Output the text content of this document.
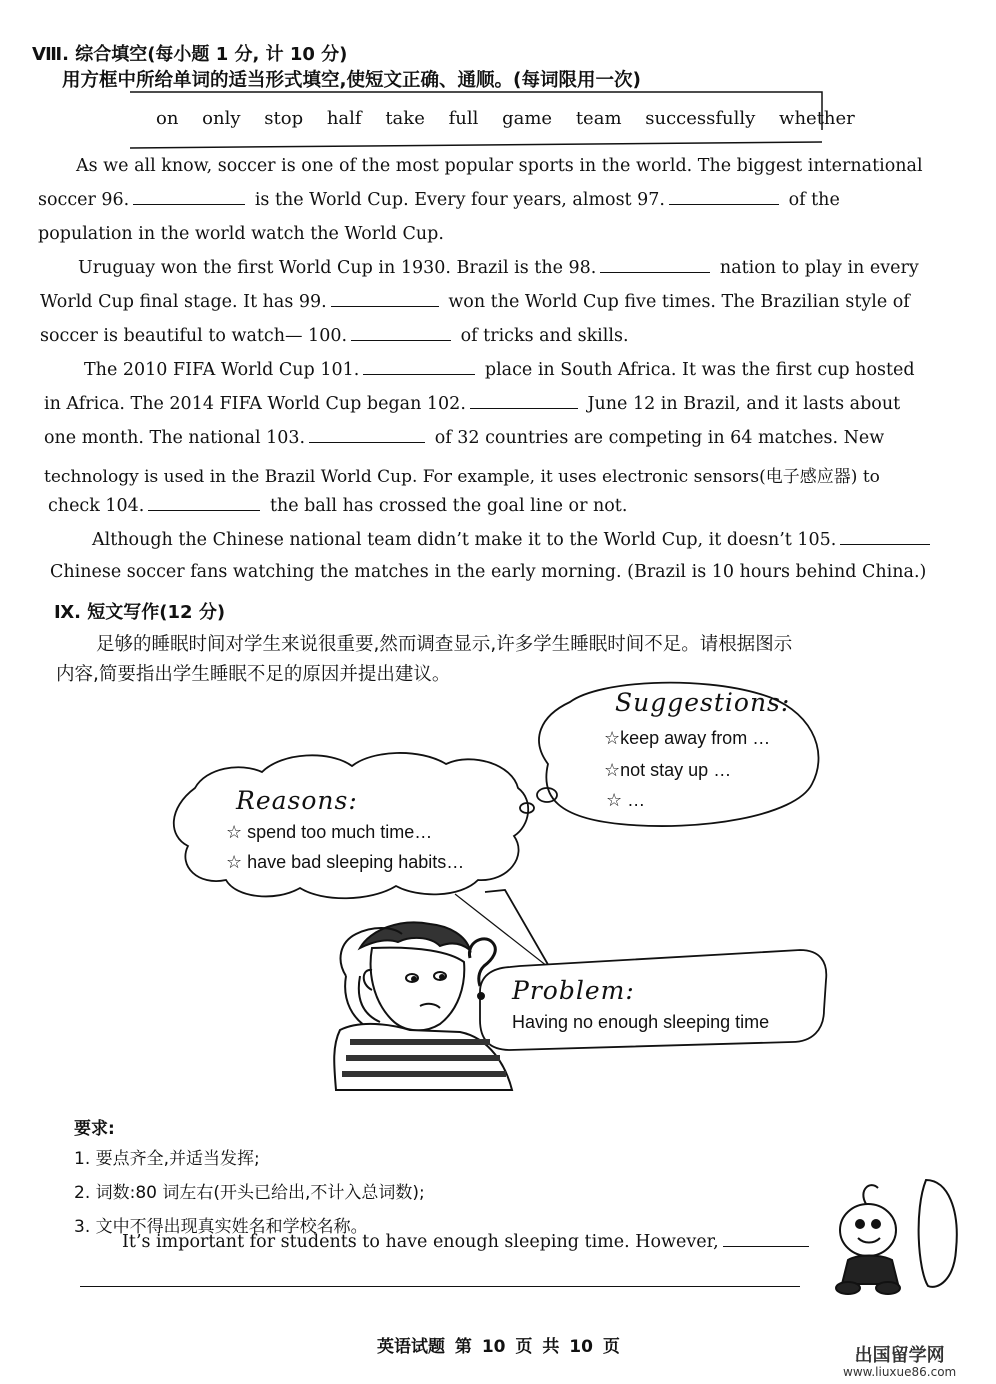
Ⅷ. 综合填空(每小题 1 分, 计 10 分)
用方框中所给单词的适当形式填空,使短文正确、通顺。(每词限用一次)
on only stop half take full game team successfully whether
As we all know, soccer is one of the most popular sports in the world. The biggest international
soccer 96.	is the World Cup. Every four years, almost 97.	of the
population in the world watch the World Cup.
Uruguay won the first World Cup in 1930. Brazil is the 98.	nation to play in every
World Cup final stage. It has 99.	won the World Cup five times. The Brazilian style of
soccer is beautiful to watch— 100.	of tricks and skills.
The 2010 FIFA World Cup 101.	place in South Africa. It was the first cup hosted
in Africa. The 2014 FIFA World Cup began 102.	June 12 in Brazil, and it lasts about
one month. The national 103.	of 32 countries are competing in 64 matches. New
technology is used in the Brazil World Cup. For example, it uses electronic sensors(电子感应器) to
check 104.	the ball has crossed the goal line or not.
Although the Chinese national team didn’t make it to the World Cup, it doesn’t 105.
Chinese soccer fans watching the matches in the early morning. (Brazil is 10 hours behind China.)
Ⅸ. 短文写作(12 分)
足够的睡眠时间对学生来说很重要,然而调查显示,许多学生睡眠时间不足。请根据图示
内容,简要指出学生睡眠不足的原因并提出建议。
Suggestions:
☆keep away from …
☆not stay up …
☆ …
Reasons:
☆ spend too much time…
☆ have bad sleeping habits…
Problem:
Having no enough sleeping time
要求:
1. 要点齐全,并适当发挥;
2. 词数:80 词左右(开头已给出,不计入总词数);
3. 文中不得出现真实姓名和学校名称。
It’s important for students to have enough sleeping time. However,
英语试题 第 10 页 共 10 页	出国留学网
www.liuxue86.com
